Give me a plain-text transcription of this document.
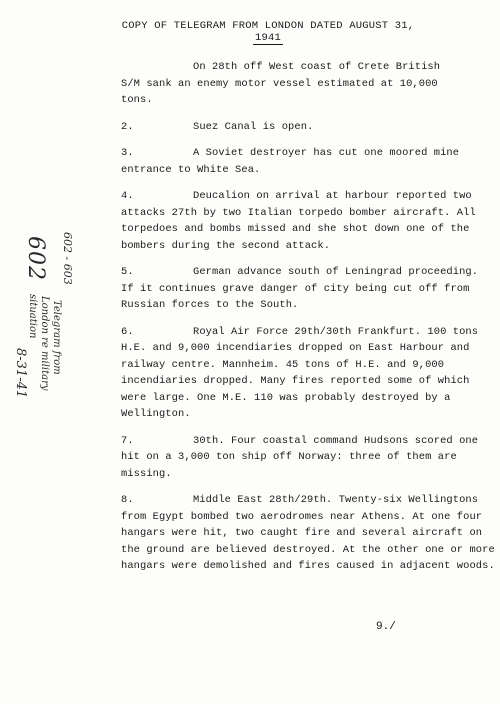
COPY OF TELEGRAM FROM LONDON DATED AUGUST 31,
1941
On 28th off West coast of Crete British
S/M sank an enemy motor vessel estimated at 10,000
tons.
2.	Suez Canal is open.
3.	A Soviet destroyer has cut one moored mine
entrance to White Sea.
4.	Deucalion on arrival at harbour reported two
attacks 27th by two Italian torpedo bomber aircraft. All
torpedoes and bombs missed and she shot down one of the
bombers during the second attack.
5.	German advance south of Leningrad proceeding.
If it continues grave danger of city being cut off from
Russian forces to the South.
6.	Royal Air Force 29th/30th Frankfurt. 100 tons
H.E. and 9,000 incendiaries dropped on East Harbour and
railway centre. Mannheim. 45 tons of H.E. and 9,000
incendiaries dropped. Many fires reported some of which
were large. One M.E. 110 was probably destroyed by a
Wellington.
7.	30th. Four coastal command Hudsons scored one
hit on a 3,000 ton ship off Norway: three of them are
missing.
8.	Middle East 28th/29th. Twenty-six Wellingtons
from Egypt bombed two aerodromes near Athens. At one four
hangars were hit, two caught fire and several aircraft on
the ground are believed destroyed. At the other one or more
hangars were demolished and fires caused in adjacent woods.
9./
602 602 - 603
Telegram from
London re military
situation
8-31-41
